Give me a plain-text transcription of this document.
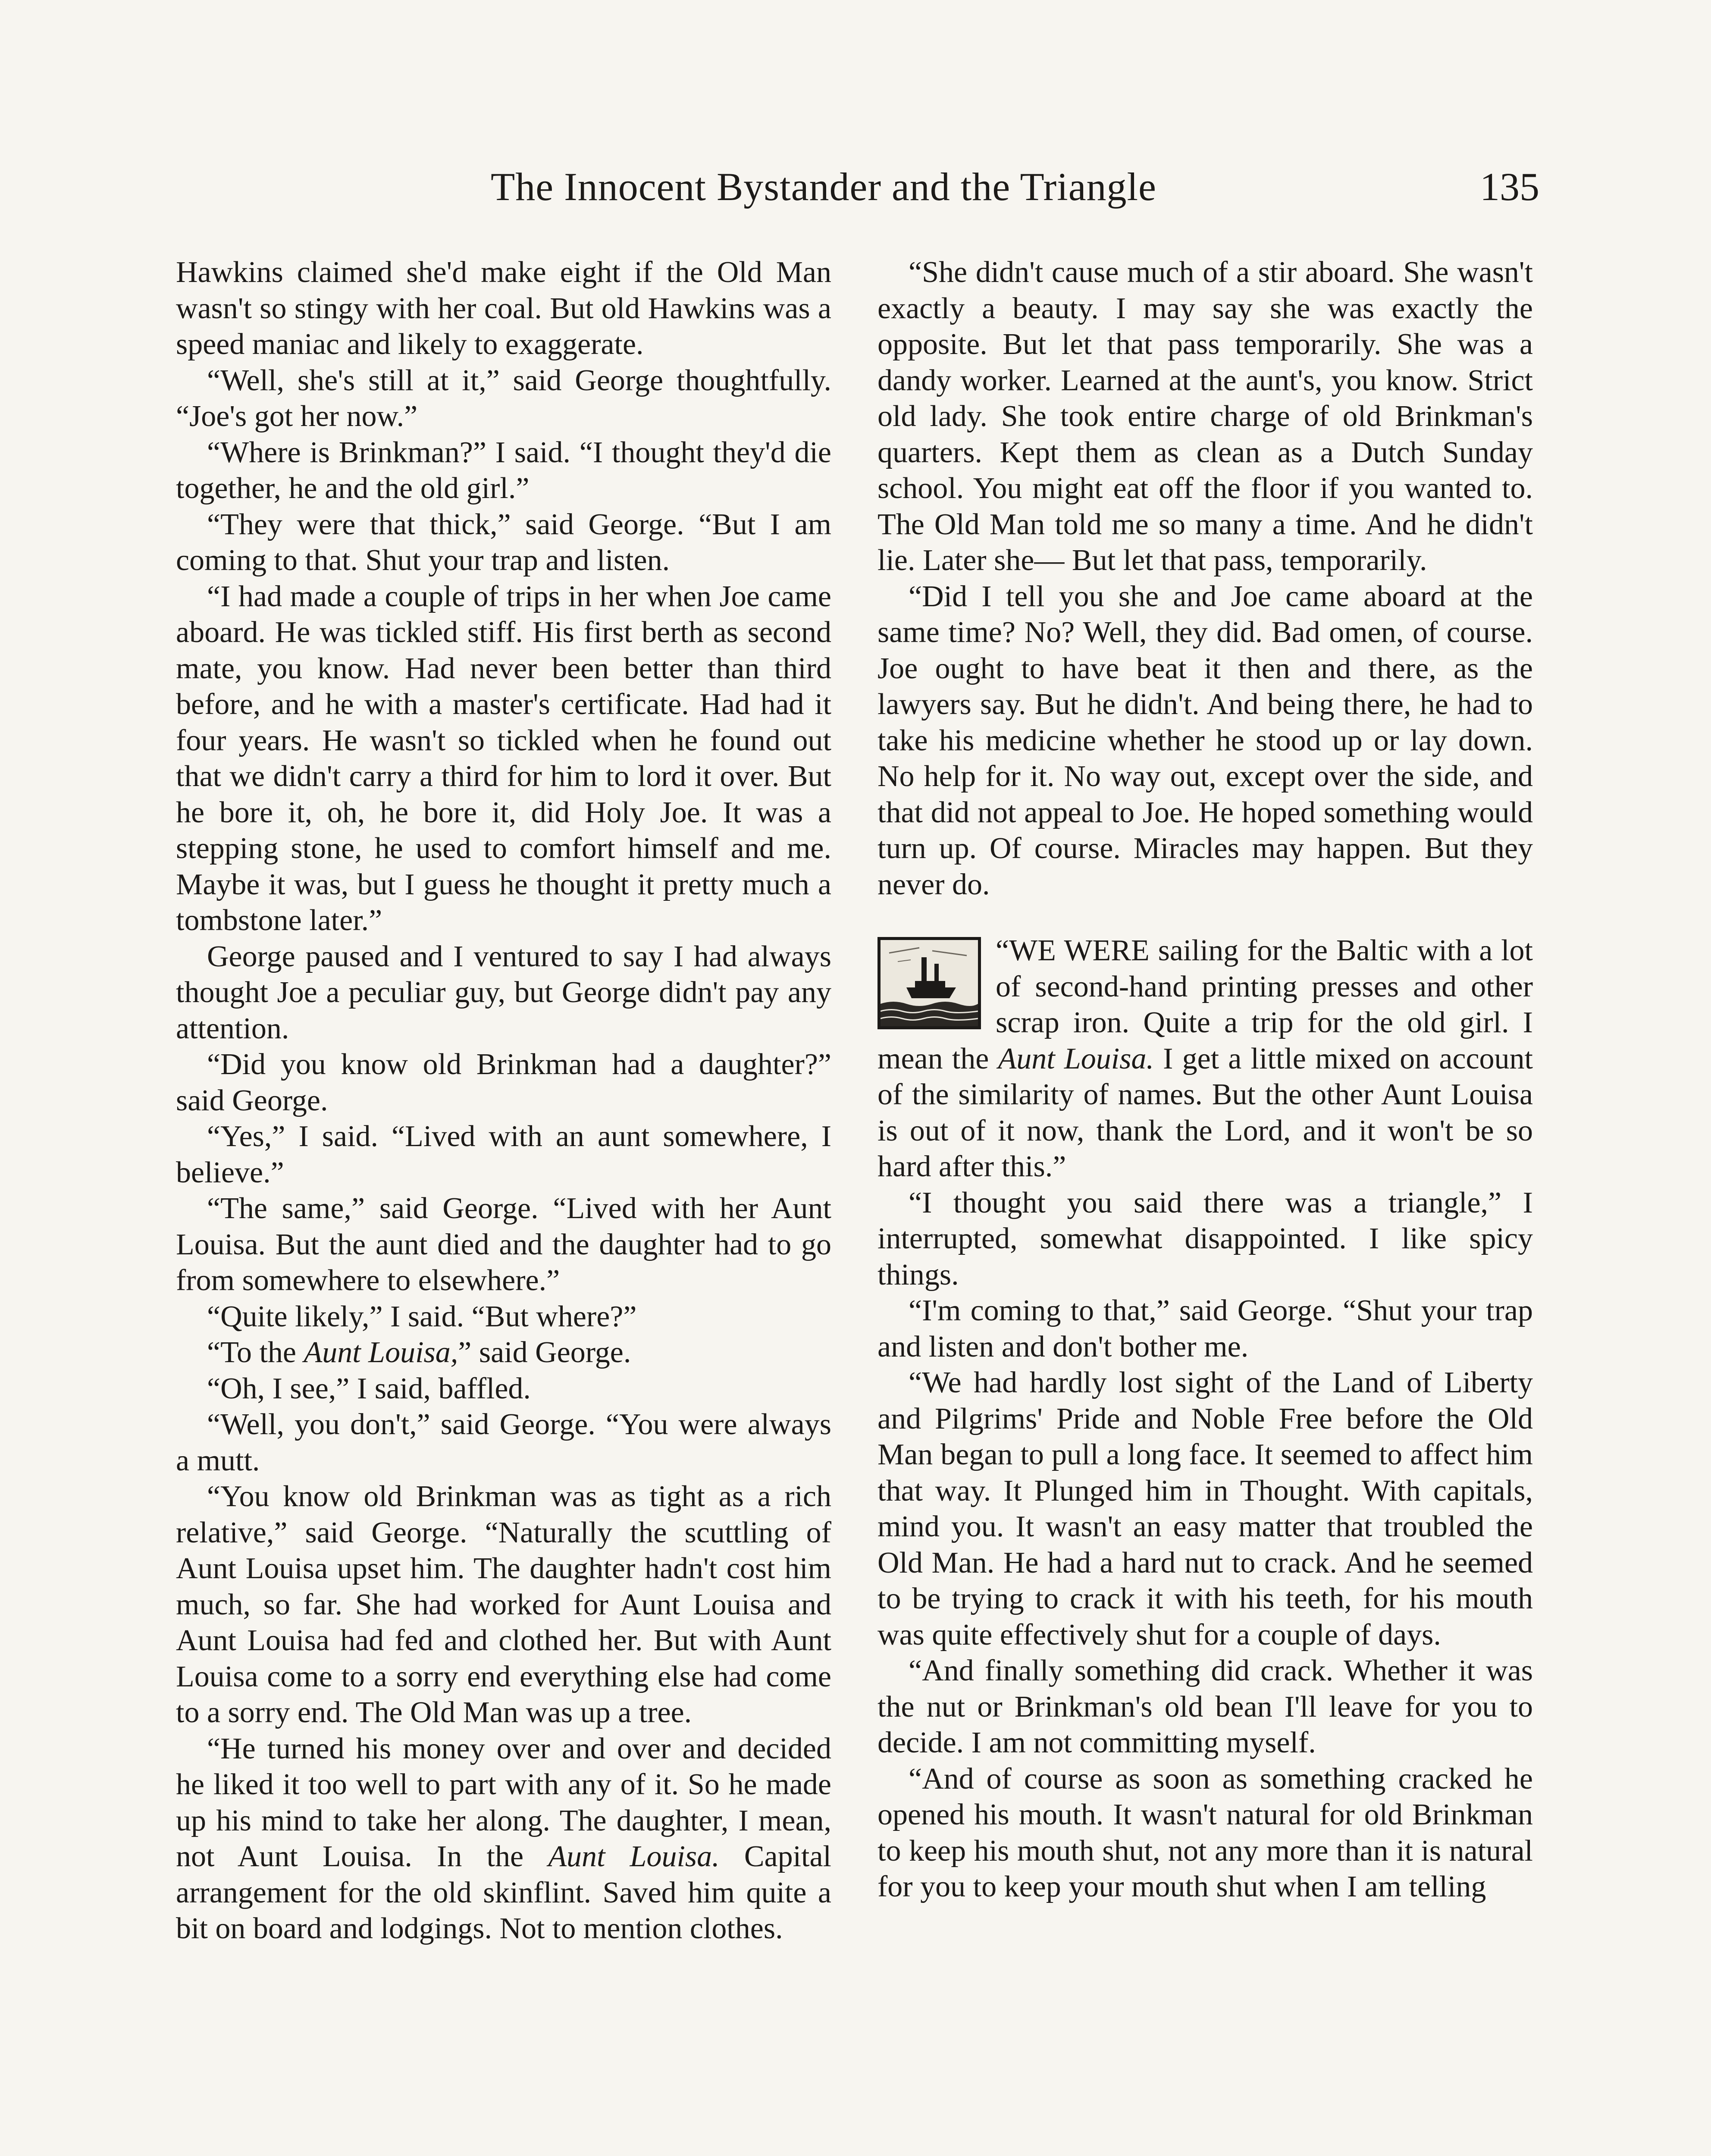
The Innocent Bystander and the Triangle	135

Hawkins claimed she'd make eight if the Old Man wasn't so stingy with her coal. But old Hawkins was a speed maniac and likely to exaggerate.

“Well, she's still at it,” said George thoughtfully. “Joe's got her now.”

“Where is Brinkman?” I said. “I thought they'd die together, he and the old girl.”

“They were that thick,” said George. “But I am coming to that. Shut your trap and listen.

“I had made a couple of trips in her when Joe came aboard. He was tickled stiff. His first berth as second mate, you know. Had never been better than third before, and he with a master's certificate. Had had it four years. He wasn't so tickled when he found out that we didn't carry a third for him to lord it over. But he bore it, oh, he bore it, did Holy Joe. It was a stepping stone, he used to comfort himself and me. Maybe it was, but I guess he thought it pretty much a tombstone later.”

George paused and I ventured to say I had always thought Joe a peculiar guy, but George didn't pay any attention.

“Did you know old Brinkman had a daughter?” said George.

“Yes,” I said. “Lived with an aunt somewhere, I believe.”

“The same,” said George. “Lived with her Aunt Louisa. But the aunt died and the daughter had to go from somewhere to elsewhere.”

“Quite likely,” I said. “But where?”

“To the Aunt Louisa,” said George.

“Oh, I see,” I said, baffled.

“Well, you don't,” said George. “You were always a mutt.

“You know old Brinkman was as tight as a rich relative,” said George. “Naturally the scuttling of Aunt Louisa upset him. The daughter hadn't cost him much, so far. She had worked for Aunt Louisa and Aunt Louisa had fed and clothed her. But with Aunt Louisa come to a sorry end everything else had come to a sorry end. The Old Man was up a tree.

“He turned his money over and over and decided he liked it too well to part with any of it. So he made up his mind to take her along. The daughter, I mean, not Aunt Louisa. In the Aunt Louisa. Capital arrangement for the old skinflint. Saved him quite a bit on board and lodgings. Not to mention clothes.

“She didn't cause much of a stir aboard. She wasn't exactly a beauty. I may say she was exactly the opposite. But let that pass temporarily. She was a dandy worker. Learned at the aunt's, you know. Strict old lady. She took entire charge of old Brinkman's quarters. Kept them as clean as a Dutch Sunday school. You might eat off the floor if you wanted to. The Old Man told me so many a time. And he didn't lie. Later she— But let that pass, temporarily.

“Did I tell you she and Joe came aboard at the same time? No? Well, they did. Bad omen, of course. Joe ought to have beat it then and there, as the lawyers say. But he didn't. And being there, he had to take his medicine whether he stood up or lay down. No help for it. No way out, except over the side, and that did not appeal to Joe. He hoped something would turn up. Of course. Miracles may happen. But they never do.

“WE WERE sailing for the Baltic with a lot of second-hand printing presses and other scrap iron. Quite a trip for the old girl. I mean the Aunt Louisa. I get a little mixed on account of the similarity of names. But the other Aunt Louisa is out of it now, thank the Lord, and it won't be so hard after this.”

“I thought you said there was a triangle,” I interrupted, somewhat disappointed. I like spicy things.

“I'm coming to that,” said George. “Shut your trap and listen and don't bother me.

“We had hardly lost sight of the Land of Liberty and Pilgrims' Pride and Noble Free before the Old Man began to pull a long face. It seemed to affect him that way. It Plunged him in Thought. With capitals, mind you. It wasn't an easy matter that troubled the Old Man. He had a hard nut to crack. And he seemed to be trying to crack it with his teeth, for his mouth was quite effectively shut for a couple of days.

“And finally something did crack. Whether it was the nut or Brinkman's old bean I'll leave for you to decide. I am not committing myself.

“And of course as soon as something cracked he opened his mouth. It wasn't natural for old Brinkman to keep his mouth shut, not any more than it is natural for you to keep your mouth shut when I am telling
